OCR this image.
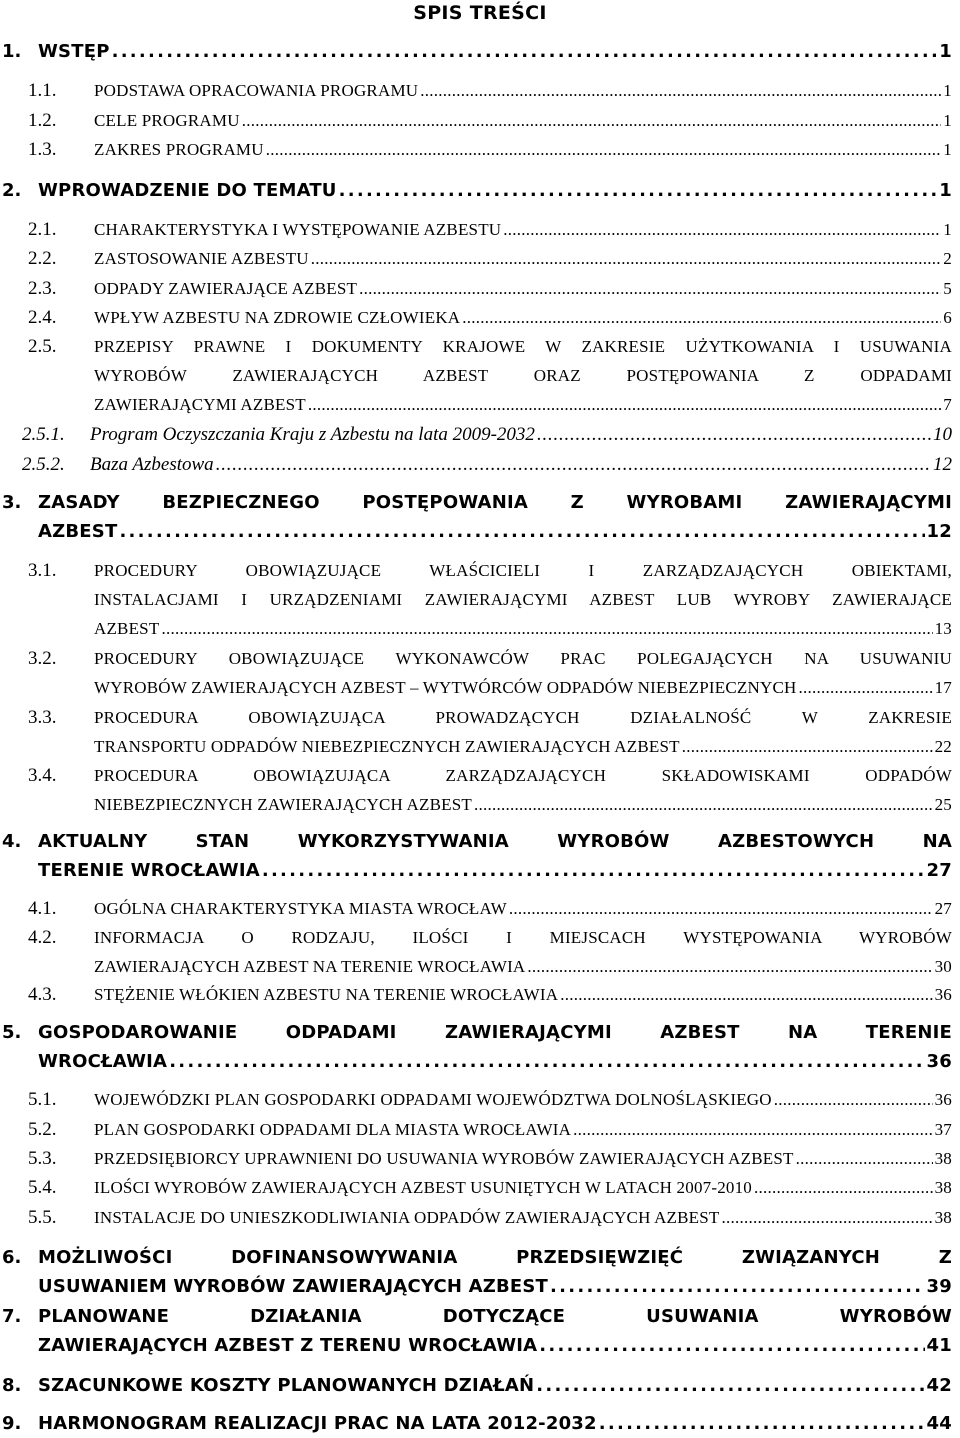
SPIS TREŚCI
1. WSTĘP . . .	1
1.1. PODSTAWA OPRACOWANIA PROGRAMU . . .	1
1.2. CELE PROGRAMU . . .	1
1.3. ZAKRES PROGRAMU . . .	1
2. WPROWADZENIE DO TEMATU . . .	1
2.1. CHARAKTERYSTYKA I WYSTĘPOWANIE AZBESTU . . .	1
2.2. ZASTOSOWANIE AZBESTU . . .	2
2.3. ODPADY ZAWIERAJĄCE AZBEST . . .	5
2.4. WPŁYW AZBESTU NA ZDROWIE CZŁOWIEKA . . .	6
2.5. PRZEPISY PRAWNE I DOKUMENTY KRAJOWE W ZAKRESIE UŻYTKOWANIA I USUWANIA
WYROBÓW ZAWIERAJĄCYCH AZBEST ORAZ POSTĘPOWANIA Z ODPADAMI
ZAWIERAJĄCYMI AZBEST . . .	7
2.5.1. Program Oczyszczania Kraju z Azbestu na lata 2009-2032 . . .	10
2.5.2. Baza Azbestowa . . .	12
3. ZASADY BEZPIECZNEGO POSTĘPOWANIA Z WYROBAMI ZAWIERAJĄCYMI
AZBEST . . .	12
3.1. PROCEDURY OBOWIĄZUJĄCE WŁAŚCICIELI I ZARZĄDZAJĄCYCH OBIEKTAMI,
INSTALACJAMI I URZĄDZENIAMI ZAWIERAJĄCYMI AZBEST LUB WYROBY ZAWIERAJĄCE
AZBEST . . .	13
3.2. PROCEDURY OBOWIĄZUJĄCE WYKONAWCÓW PRAC POLEGAJĄCYCH NA USUWANIU
WYROBÓW ZAWIERAJĄCYCH AZBEST – WYTWÓRCÓW ODPADÓW NIEBEZPIECZNYCH . . .	17
3.3. PROCEDURA OBOWIĄZUJĄCA PROWADZĄCYCH DZIAŁALNOŚĆ W ZAKRESIE
TRANSPORTU ODPADÓW NIEBEZPIECZNYCH ZAWIERAJĄCYCH AZBEST . . .	22
3.4. PROCEDURA OBOWIĄZUJĄCA ZARZĄDZAJĄCYCH SKŁADOWISKAMI ODPADÓW
NIEBEZPIECZNYCH ZAWIERAJĄCYCH AZBEST . . .	25
4. AKTUALNY STAN WYKORZYSTYWANIA WYROBÓW AZBESTOWYCH NA
TERENIE WROCŁAWIA . . .	27
4.1. OGÓLNA CHARAKTERYSTYKA MIASTA WROCŁAW . . .	27
4.2. INFORMACJA O RODZAJU, ILOŚCI I MIEJSCACH WYSTĘPOWANIA WYROBÓW
ZAWIERAJĄCYCH AZBEST NA TERENIE WROCŁAWIA . . .	30
4.3. STĘŻENIE WŁÓKIEN AZBESTU NA TERENIE WROCŁAWIA . . .	36
5. GOSPODAROWANIE ODPADAMI ZAWIERAJĄCYMI AZBEST NA TERENIE
WROCŁAWIA . . .	36
5.1. WOJEWÓDZKI PLAN GOSPODARKI ODPADAMI WOJEWÓDZTWA DOLNOŚLĄSKIEGO . . .	36
5.2. PLAN GOSPODARKI ODPADAMI DLA MIASTA WROCŁAWIA . . .	37
5.3. PRZEDSIĘBIORCY UPRAWNIENI DO USUWANIA WYROBÓW ZAWIERAJĄCYCH AZBEST . . .	38
5.4. ILOŚCI WYROBÓW ZAWIERAJĄCYCH AZBEST USUNIĘTYCH W LATACH 2007-2010 . . .	38
5.5. INSTALACJE DO UNIESZKODLIWIANIA ODPADÓW ZAWIERAJĄCYCH AZBEST . . .	38
6. MOŻLIWOŚCI DOFINANSOWYWANIA PRZEDSIĘWZIĘĆ ZWIĄZANYCH Z
USUWANIEM WYROBÓW ZAWIERAJĄCYCH AZBEST . . .	39
7. PLANOWANE DZIAŁANIA DOTYCZĄCE USUWANIA WYROBÓW
ZAWIERAJĄCYCH AZBEST Z TERENU WROCŁAWIA . . .	41
8. SZACUNKOWE KOSZTY PLANOWANYCH DZIAŁAŃ . . .	42
9. HARMONOGRAM REALIZACJI PRAC NA LATA 2012-2032 . . .	44
